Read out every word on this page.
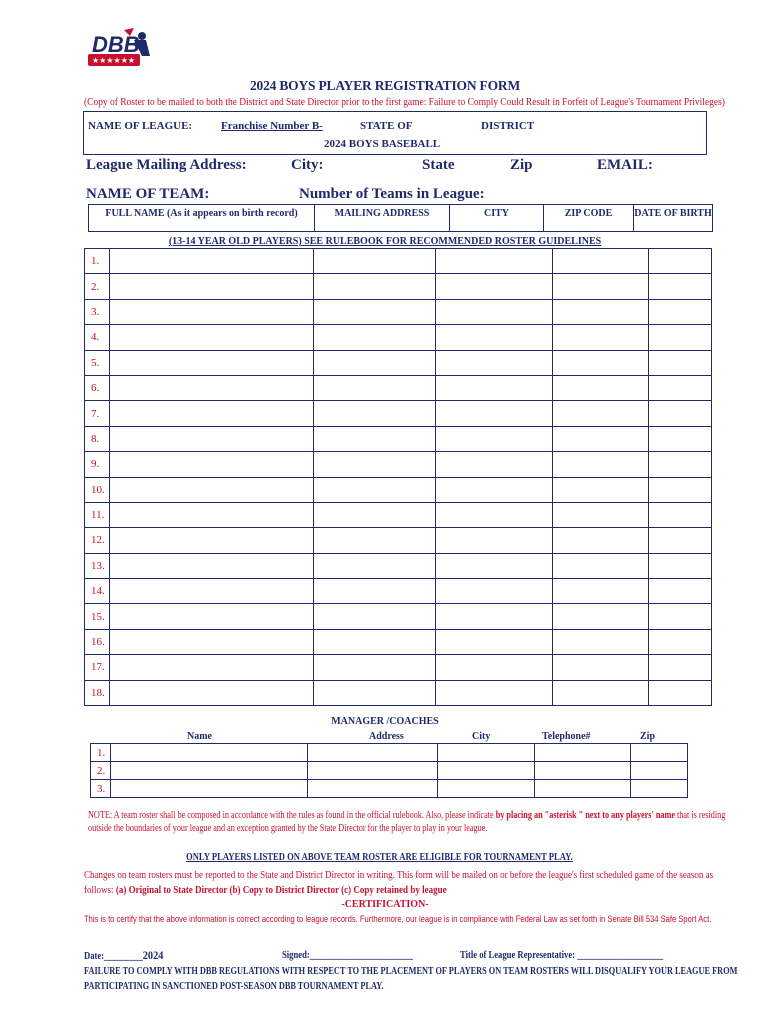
DBB
★★★★★★
2024 BOYS PLAYER REGISTRATION FORM
(Copy of Roster to be mailed to both the District and State Director prior to the first game: Failure to Comply Could Result in Forfeit of League's Tournament Privileges)
NAME OF LEAGUE:	Franchise Number B-	STATE OF	DISTRICT
2024 BOYS BASEBALL
League Mailing Address:	City:	State	Zip	EMAIL:
NAME OF TEAM:	Number of Teams in League:
FULL NAME (As it appears on birth record)	MAILING ADDRESS	CITY	ZIP CODE	DATE OF BIRTH
(13-14 YEAR OLD PLAYERS) SEE RULEBOOK FOR RECOMMENDED ROSTER GUIDELINES
1.					
2.					
3.					
4.					
5.					
6.					
7.					
8.					
9.					
10.					
11.					
12.					
13.					
14.					
15.					
16.					
17.					
18.					
MANAGER /COACHES
Name	Address	City	Telephone#	Zip
1.					
2.					
3.					
NOTE: A team roster shall be composed in accordance with the rules as found in the official rulebook. Also, please indicate by placing an "asterisk " next to any players' name that is residing
outside the boundaries of your league and an exception granted by the State Director for the player to play in your league.
ONLY PLAYERS LISTED ON ABOVE TEAM ROSTER ARE ELIGIBLE FOR TOURNAMENT PLAY.
Changes on team rosters must be reported to the State and District Director in writing. This form will be mailed on or before the league's first scheduled game of the season as
follows: (a) Original to State Director (b) Copy to District Director (c) Copy retained by league
-CERTIFICATION-
This is to certify that the above information is correct according to league records. Furthermore, our league is in compliance with Federal Law as set forth in Senate Bill 534 Safe Sport Act.
Date:_________2024	Signed:________________________	Title of League Representative: ____________________
FAILURE TO COMPLY WITH DBB REGULATIONS WITH RESPECT TO THE PLACEMENT OF PLAYERS ON TEAM ROSTERS WILL DISQUALIFY YOUR LEAGUE FROM
PARTICIPATING IN SANCTIONED POST-SEASON DBB TOURNAMENT PLAY.
